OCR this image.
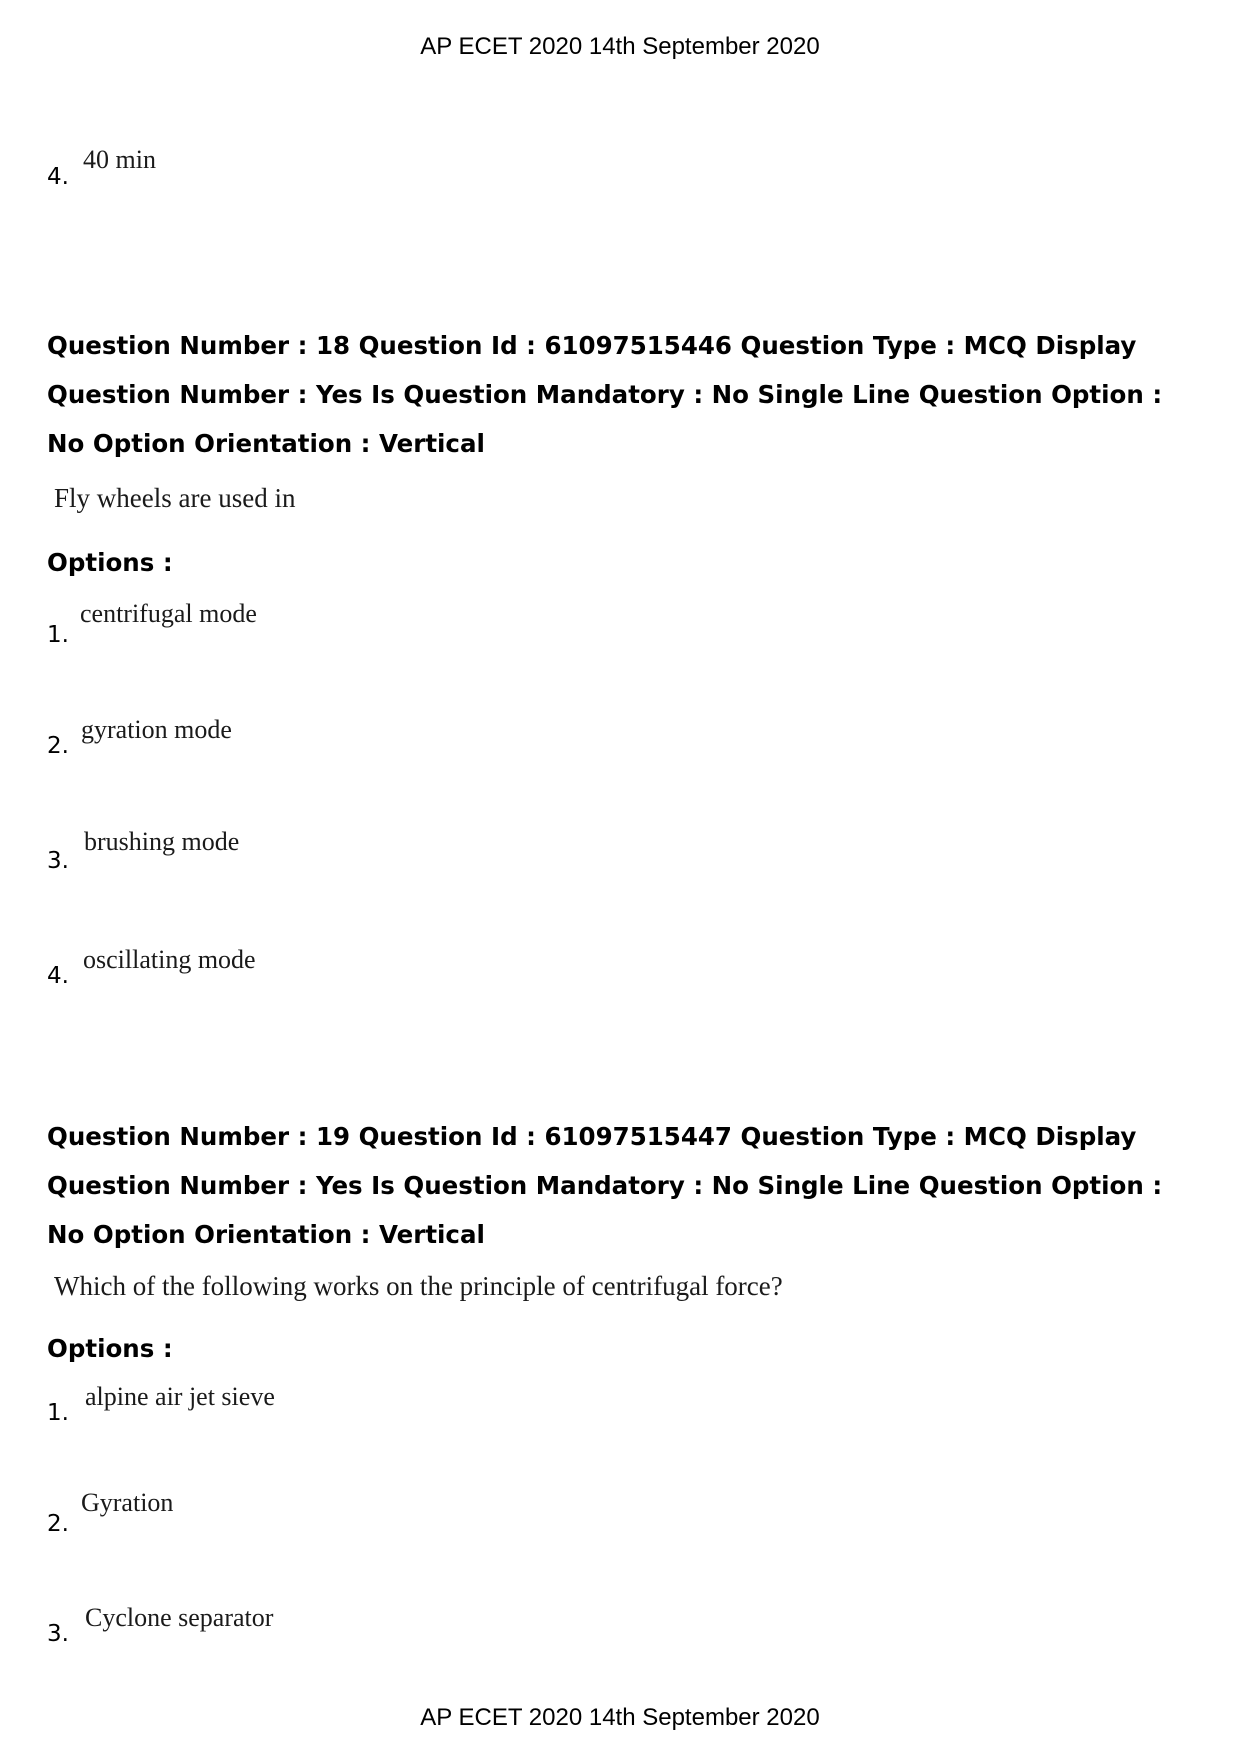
AP ECET 2020 14th September 2020
4.
40 min

Question Number : 18 Question Id : 61097515446 Question Type : MCQ Display Question Number : Yes Is Question Mandatory : No Single Line Question Option : No Option Orientation : Vertical

Fly wheels are used in
Options :
1.
centrifugal mode
2.
gyration mode
3.
brushing mode
4.
oscillating mode

Question Number : 19 Question Id : 61097515447 Question Type : MCQ Display Question Number : Yes Is Question Mandatory : No Single Line Question Option : No Option Orientation : Vertical

Which of the following works on the principle of centrifugal force?
Options :
1.
alpine air jet sieve
2.
Gyration
3.
Cyclone separator
AP ECET 2020 14th September 2020
